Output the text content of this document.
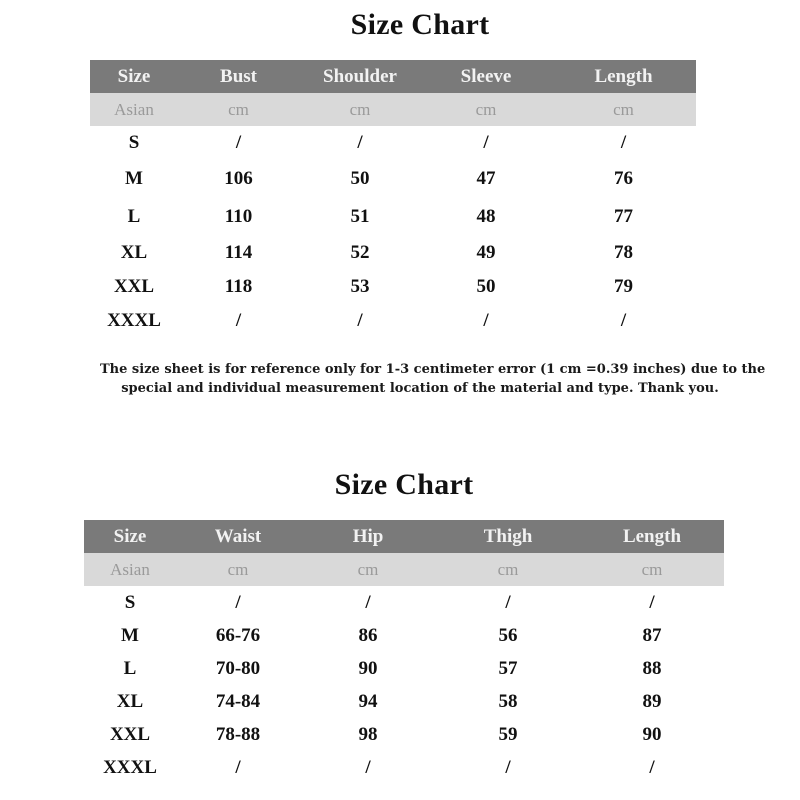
Size Chart
Size	Bust	Shoulder	Sleeve	Length
Asian	cm	cm	cm	cm
S	/	/	/	/
M	106	50	47	76
L	110	51	48	77
XL	114	52	49	78
XXL	118	53	50	79
XXXL	/	/	/	/
The size sheet is for reference only for 1-3 centimeter error (1 cm =0.39 inches) due to the
special and individual measurement location of the material and type. Thank you.
Size Chart
Size	Waist	Hip	Thigh	Length
Asian	cm	cm	cm	cm
S	/	/	/	/
M	66-76	86	56	87
L	70-80	90	57	88
XL	74-84	94	58	89
XXL	78-88	98	59	90
XXXL	/	/	/	/
